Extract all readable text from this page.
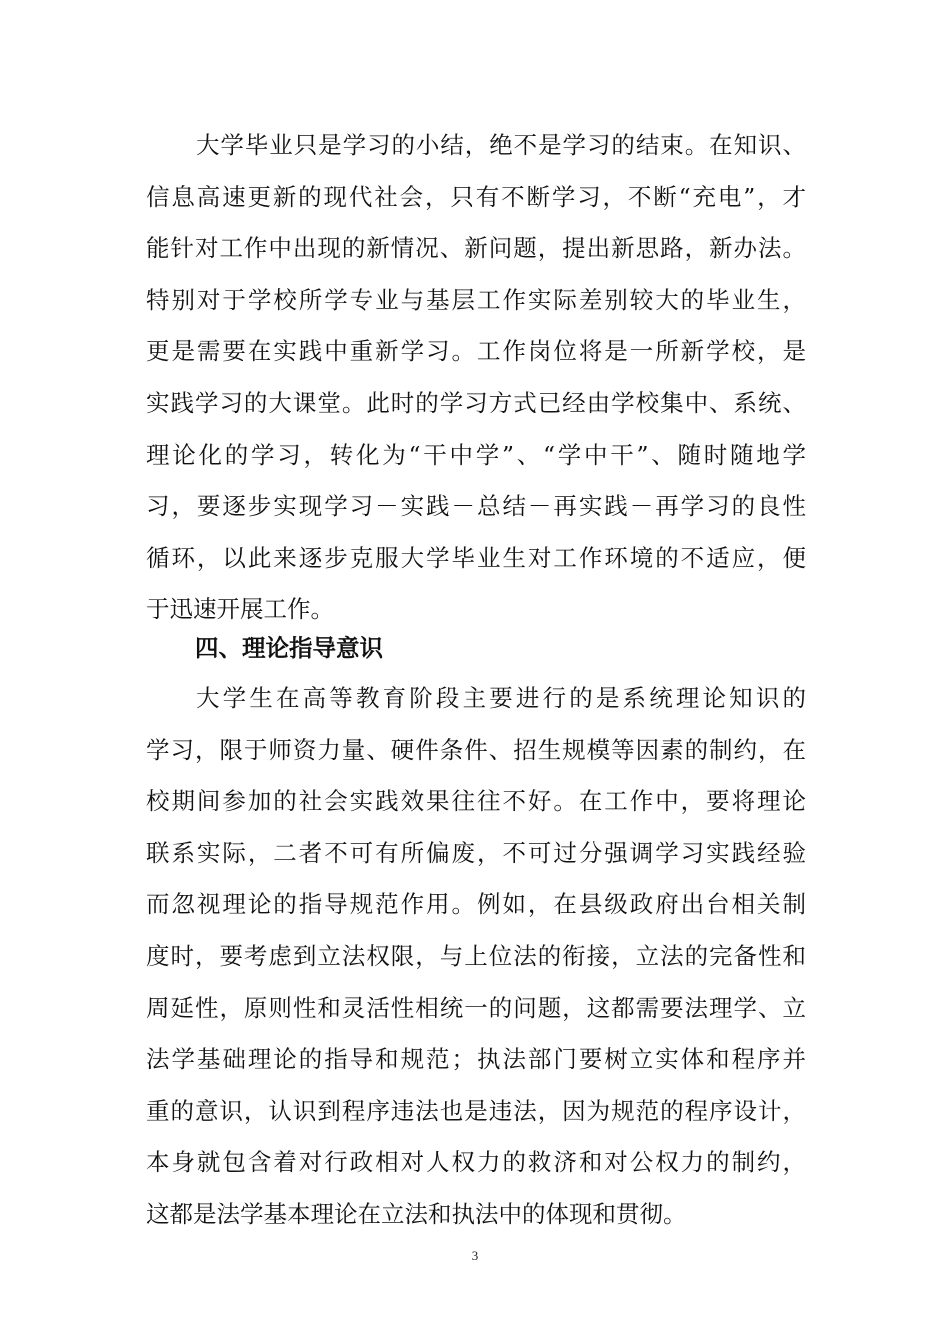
大学毕业只是学习的小结，绝不是学习的结束。在知识、
信息高速更新的现代社会，只有不断学习，不断“充电”，才
能针对工作中出现的新情况、新问题，提出新思路，新办法。
特别对于学校所学专业与基层工作实际差别较大的毕业生，
更是需要在实践中重新学习。工作岗位将是一所新学校，是
实践学习的大课堂。此时的学习方式已经由学校集中、系统、
理论化的学习，转化为“干中学”、“学中干”、随时随地学
习，要逐步实现学习－实践－总结－再实践－再学习的良性
循环，以此来逐步克服大学毕业生对工作环境的不适应，便
于迅速开展工作。
四、理论指导意识
大学生在高等教育阶段主要进行的是系统理论知识的
学习，限于师资力量、硬件条件、招生规模等因素的制约，在
校期间参加的社会实践效果往往不好。在工作中，要将理论
联系实际，二者不可有所偏废，不可过分强调学习实践经验
而忽视理论的指导规范作用。例如，在县级政府出台相关制
度时，要考虑到立法权限，与上位法的衔接，立法的完备性和
周延性，原则性和灵活性相统一的问题，这都需要法理学、立
法学基础理论的指导和规范；执法部门要树立实体和程序并
重的意识，认识到程序违法也是违法，因为规范的程序设计，
本身就包含着对行政相对人权力的救济和对公权力的制约，
这都是法学基本理论在立法和执法中的体现和贯彻。
3
